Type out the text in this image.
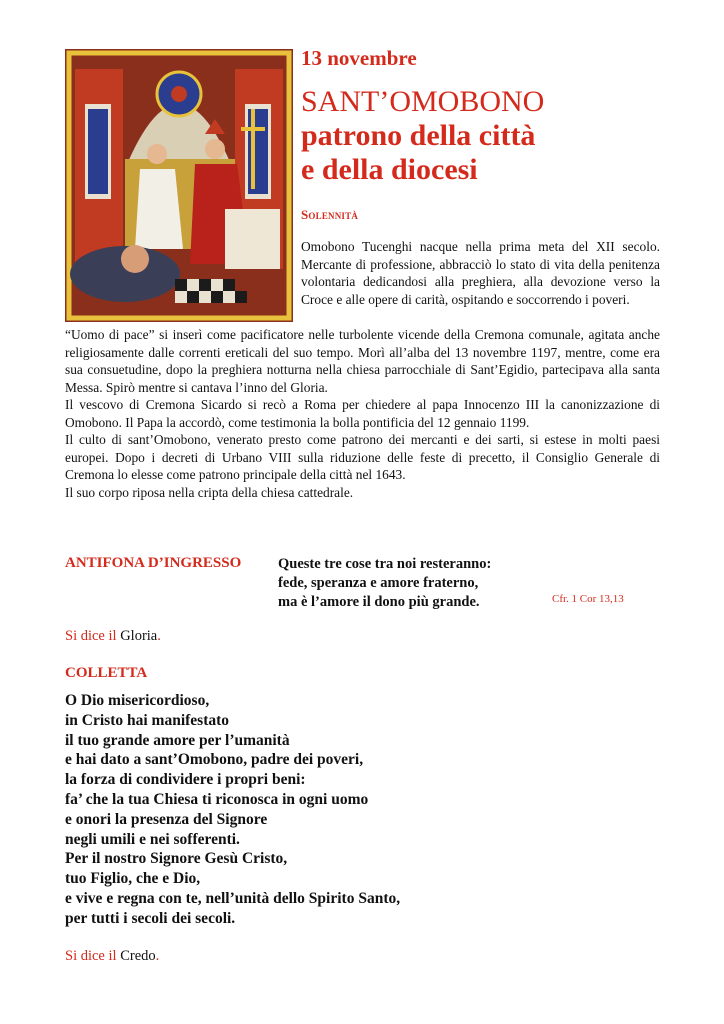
13 novembre
SANT’OMOBONO
patrono della città
e della diocesi
Solennità

Omobono Tucenghi nacque nella prima meta del XII secolo. Mercante di professione, abbracciò lo stato di vita della penitenza volontaria dedicandosi alla preghiera, alla devozione verso la Croce e alle opere di carità, ospitando e soccorrendo i poveri.

“Uomo di pace” si inserì come pacificatore nelle turbolente vicende della Cremona comunale, agitata anche religiosamente dalle correnti ereticali del suo tempo. Morì all’alba del 13 novembre 1197, mentre, come era sua consuetudine, dopo la preghiera notturna nella chiesa parrocchiale di Sant’Egidio, partecipava alla santa Messa. Spirò mentre si cantava l’inno del Gloria.

Il vescovo di Cremona Sicardo si recò a Roma per chiedere al papa Innocenzo III la canonizzazione di Omobono. Il Papa la accordò, come testimonia la bolla pontificia del 12 gennaio 1199.

Il culto di sant’Omobono, venerato presto come patrono dei mercanti e dei sarti, si estese in molti paesi europei. Dopo i decreti di Urbano VIII sulla riduzione delle feste di precetto, il Consiglio Generale di Cremona lo elesse come patrono principale della città nel 1643.

Il suo corpo riposa nella cripta della chiesa cattedrale.

ANTIFONA D’INGRESSO	Queste tre cose tra noi resteranno:
fede, speranza e amore fraterno,
ma è l’amore il dono più grande.	Cfr. 1 Cor 13,13
Si dice il Gloria.
COLLETTA
O Dio misericordioso,
in Cristo hai manifestato
il tuo grande amore per l’umanità
e hai dato a sant’Omobono, padre dei poveri,
la forza di condividere i propri beni:
fa’ che la tua Chiesa ti riconosca in ogni uomo
e onori la presenza del Signore
negli umili e nei sofferenti.
Per il nostro Signore Gesù Cristo,
tuo Figlio, che e Dio,
e vive e regna con te, nell’unità dello Spirito Santo,
per tutti i secoli dei secoli.
Si dice il Credo.
